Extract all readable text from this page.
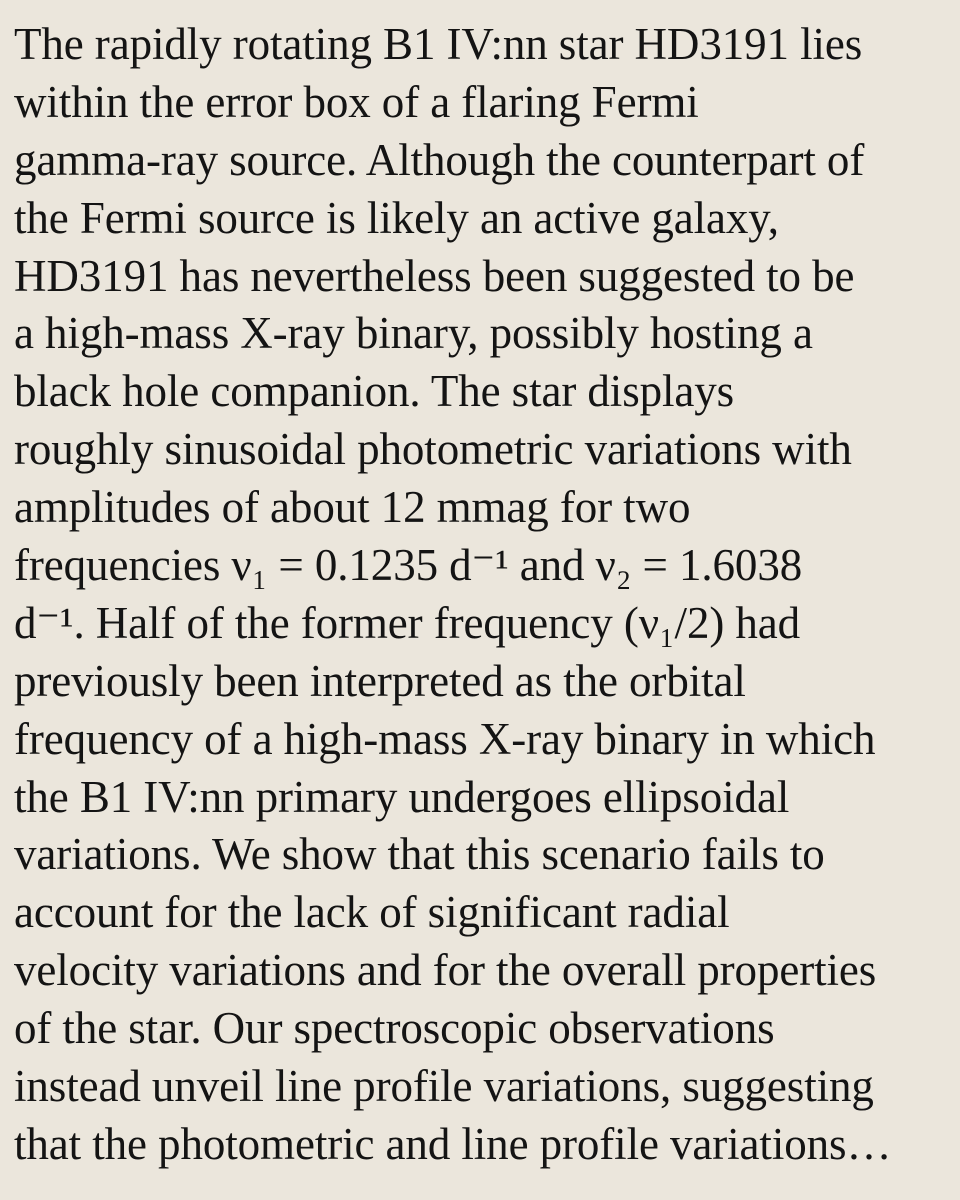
The rapidly rotating B1 IV:nn star HD3191 lies
within the error box of a flaring Fermi
gamma-ray source. Although the counterpart of
the Fermi source is likely an active galaxy,
HD3191 has nevertheless been suggested to be
a high-mass X-ray binary, possibly hosting a
black hole companion. The star displays
roughly sinusoidal photometric variations with
amplitudes of about 12 mmag for two
frequencies ν₁ = 0.1235 d⁻¹ and ν₂ = 1.6038
d⁻¹. Half of the former frequency (ν₁/2) had
previously been interpreted as the orbital
frequency of a high-mass X-ray binary in which
the B1 IV:nn primary undergoes ellipsoidal
variations. We show that this scenario fails to
account for the lack of significant radial
velocity variations and for the overall properties
of the star. Our spectroscopic observations
instead unveil line profile variations, suggesting
that the photometric and line profile variations…
